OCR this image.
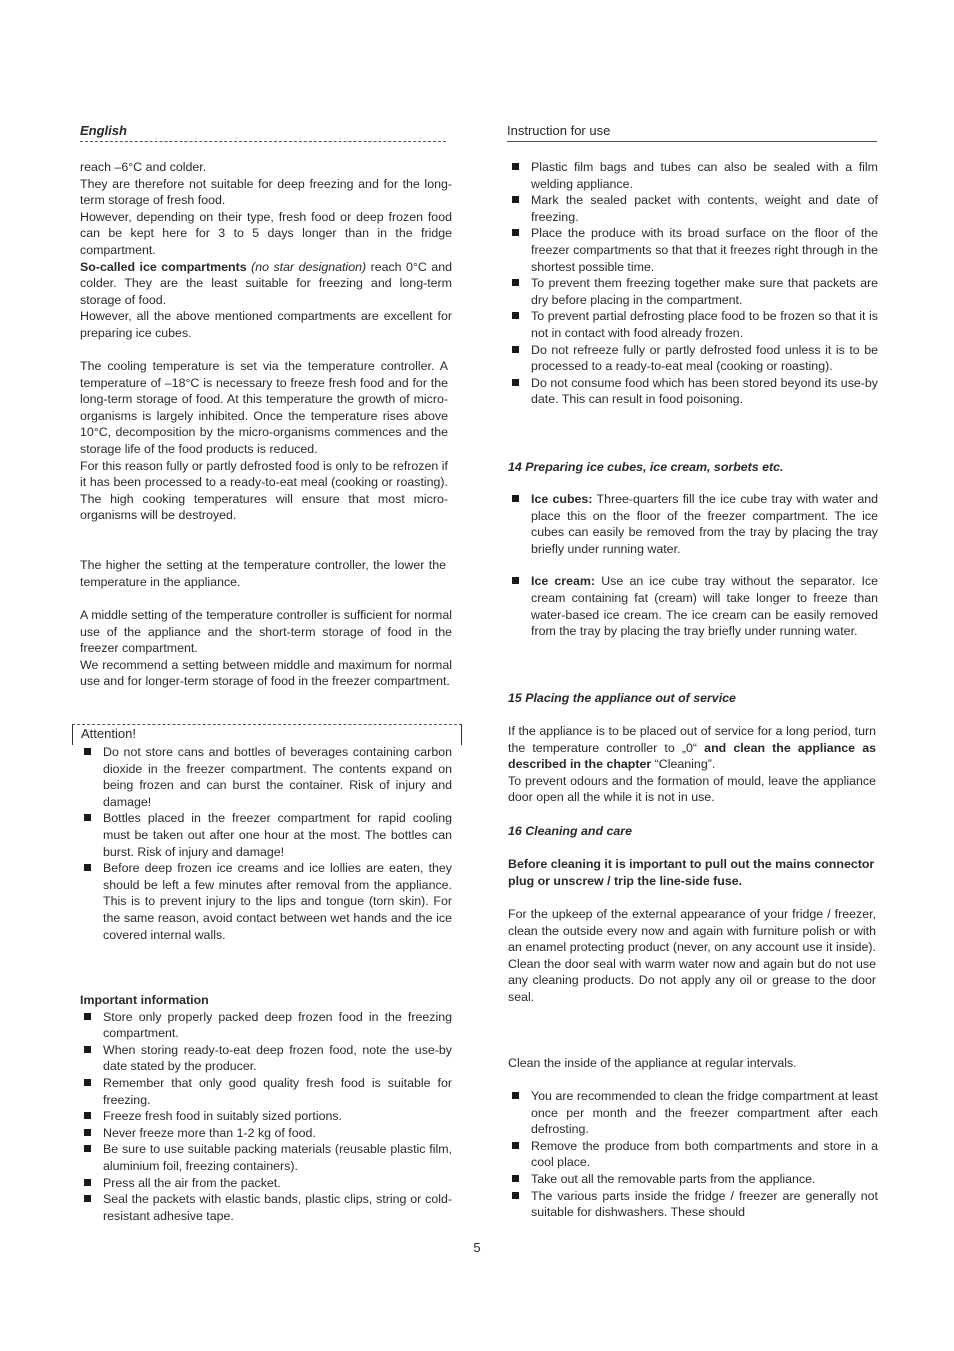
English	Instruction for use

reach –6°C and colder.

They are therefore not suitable for deep freezing and for the long-term storage of fresh food.

However, depending on their type, fresh food or deep frozen food can be kept here for 3 to 5 days longer than in the fridge compartment.

So-called ice compartments (no star designation) reach 0°C and colder. They are the least suitable for freezing and long-term storage of food.

However, all the above mentioned compartments are excellent for preparing ice cubes.

The cooling temperature is set via the temperature controller. A temperature of –18°C is necessary to freeze fresh food and for the long-term storage of food. At this temperature the growth of micro-organisms is largely inhibited. Once the temperature rises above 10°C, decomposition by the micro-organisms commences and the storage life of the food products is reduced.

For this reason fully or partly defrosted food is only to be refrozen if it has been processed to a ready-to-eat meal (cooking or roasting). The high cooking temperatures will ensure that most micro-organisms will be destroyed.

The higher the setting at the temperature controller, the lower the temperature in the appliance.

A middle setting of the temperature controller is sufficient for normal use of the appliance and the short-term storage of food in the freezer compartment.

We recommend a setting between middle and maximum for normal use and for longer-term storage of food in the freezer compartment.

Do not store cans and bottles of beverages containing carbon dioxide in the freezer compartment. The contents expand on being frozen and can burst the container. Risk of injury and damage!
Bottles placed in the freezer compartment for rapid cooling must be taken out after one hour at the most. The bottles can burst. Risk of injury and damage!
Before deep frozen ice creams and ice lollies are eaten, they should be left a few minutes after removal from the appliance. This is to prevent injury to the lips and tongue (torn skin). For the same reason, avoid contact between wet hands and the ice covered internal walls.

Important information

Store only properly packed deep frozen food in the freezing compartment.
When storing ready-to-eat deep frozen food, note the use-by date stated by the producer.
Remember that only good quality fresh food is suitable for freezing.
Freeze fresh food in suitably sized portions.
Never freeze more than 1-2 kg of food.
Be sure to use suitable packing materials (reusable plastic film, aluminium foil, freezing containers).
Press all the air from the packet.
Seal the packets with elastic bands, plastic clips, string or cold-resistant adhesive tape.
Attention!
Plastic film bags and tubes can also be sealed with a film welding appliance.
Mark the sealed packet with contents, weight and date of freezing.
Place the produce with its broad surface on the floor of the freezer compartments so that that it freezes right through in the shortest possible time.
To prevent them freezing together make sure that packets are dry before placing in the compartment.
To prevent partial defrosting place food to be frozen so that it is not in contact with food already frozen.
Do not refreeze fully or partly defrosted food unless it is to be processed to a ready-to-eat meal (cooking or roasting).
Do not consume food which has been stored beyond its use-by date. This can result in food poisoning.
14 Preparing ice cubes, ice cream, sorbets etc.
Ice cubes: Three-quarters fill the ice cube tray with water and place this on the floor of the freezer compartment. The ice cubes can easily be removed from the tray by placing the tray briefly under running water.
Ice cream: Use an ice cube tray without the separator. Ice cream containing fat (cream) will take longer to freeze than water-based ice cream. The ice cream can be easily removed from the tray by placing the tray briefly under running water.
15 Placing the appliance out of service

If the appliance is to be placed out of service for a long period, turn the temperature controller to „0“ and clean the appliance as described in the chapter “Cleaning”.

To prevent odours and the formation of mould, leave the appliance door open all the while it is not in use.

16 Cleaning and care
Before cleaning it is important to pull out the mains connector plug or unscrew / trip the line-side fuse.
For the upkeep of the external appearance of your fridge / freezer, clean the outside every now and again with furniture polish or with an enamel protecting product (never, on any account use it inside). Clean the door seal with warm water now and again but do not use any cleaning products. Do not apply any oil or grease to the door seal.
Clean the inside of the appliance at regular intervals.
You are recommended to clean the fridge compartment at least once per month and the freezer compartment after each defrosting.
Remove the produce from both compartments and store in a cool place.
Take out all the removable parts from the appliance.
The various parts inside the fridge / freezer are generally not suitable for dishwashers. These should
5
